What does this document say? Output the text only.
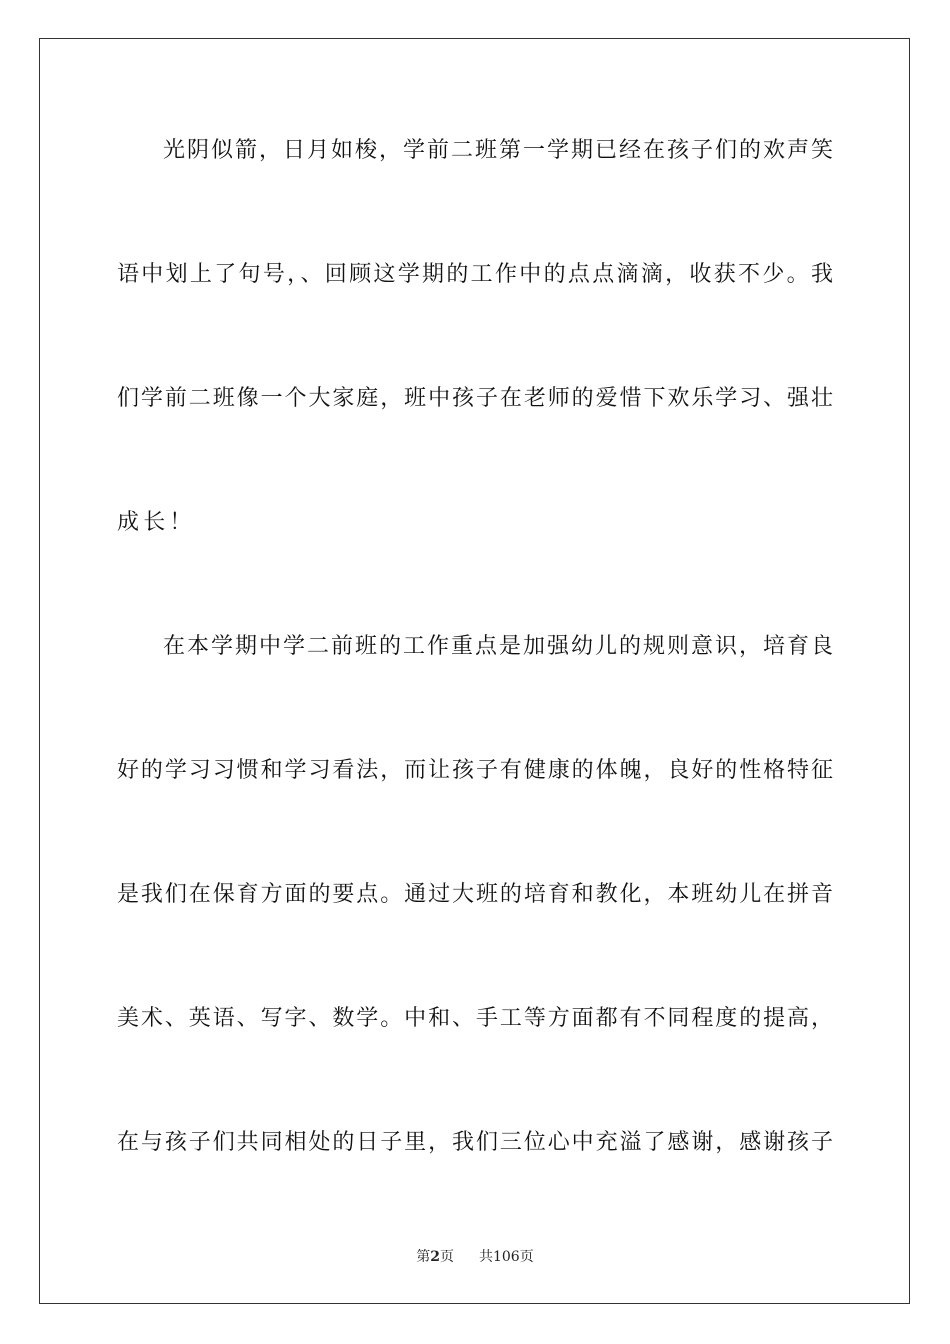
光阴似箭，日月如梭，学前二班第一学期已经在孩子们的欢声笑
语中划上了句号，、回顾这学期的工作中的点点滴滴，收获不少。我
们学前二班像一个大家庭，班中孩子在老师的爱惜下欢乐学习、强壮
成长！
在本学期中学二前班的工作重点是加强幼儿的规则意识，培育良
好的学习习惯和学习看法，而让孩子有健康的体魄，良好的性格特征
是我们在保育方面的要点。通过大班的培育和教化，本班幼儿在拼音
美术、英语、写字、数学。中和、手工等方面都有不同程度的提高，
在与孩子们共同相处的日子里，我们三位心中充溢了感谢，感谢孩子
第2页 共106页
